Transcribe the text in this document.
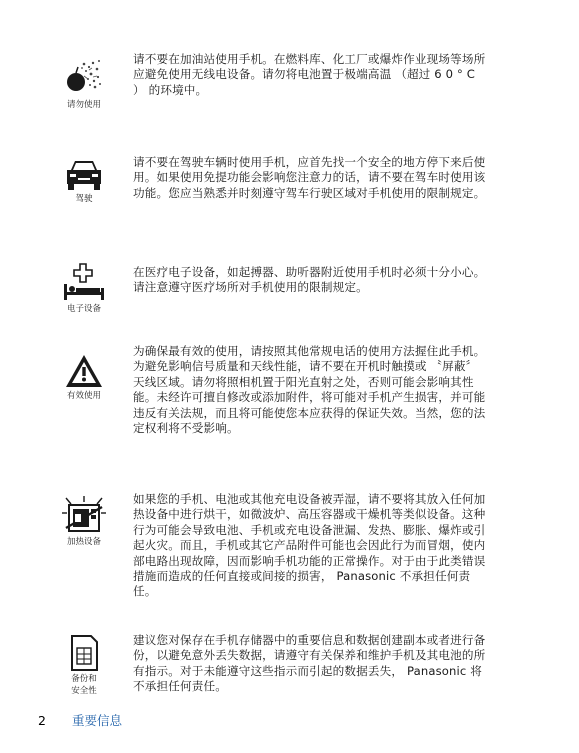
请勿使用
请不要在加油站使用手机。在燃料库、化工厂或爆炸作业现场等场所应避免使用无线电设备。请勿将电池置于极端高温 （超过 6 0 ° C ） 的环境中。
驾驶
请不要在驾驶车辆时使用手机，应首先找一个安全的地方停下来后使用。如果使用免提功能会影响您注意力的话，请不要在驾车时使用该功能。您应当熟悉并时刻遵守驾车行驶区域对手机使用的限制规定。
电子设备
在医疗电子设备，如起搏器、助听器附近使用手机时必须十分小心。请注意遵守医疗场所对手机使用的限制规定。
有效使用
为确保最有效的使用，请按照其他常规电话的使用方法握住此手机。为避免影响信号质量和天线性能，请不要在开机时触摸或 〝屏蔽〞天线区域。请勿将照相机置于阳光直射之处，否则可能会影响其性能。未经许可擅自修改或添加附件，将可能对手机产生损害，并可能违反有关法规，而且将可能使您本应获得的保证失效。当然，您的法定权利将不受影响。
加热设备
如果您的手机、电池或其他充电设备被弄湿，请不要将其放入任何加热设备中进行烘干，如微波炉、高压容器或干燥机等类似设备。这种行为可能会导致电池、手机或充电设备泄漏、发热、膨胀、爆炸或引起火灾。而且，手机或其它产品附件可能也会因此行为而冒烟，使内部电路出现故障，因而影响手机功能的正常操作。对于由于此类错误措施而造成的任何直接或间接的损害， Panasonic 不承担任何责任。
备份和
安全性
建议您对保存在手机存储器中的重要信息和数据创建副本或者进行备份，以避免意外丢失数据，请遵守有关保养和维护手机及其电池的所有指示。对于未能遵守这些指示而引起的数据丢失， Panasonic 将不承担任何责任。
2 重要信息
